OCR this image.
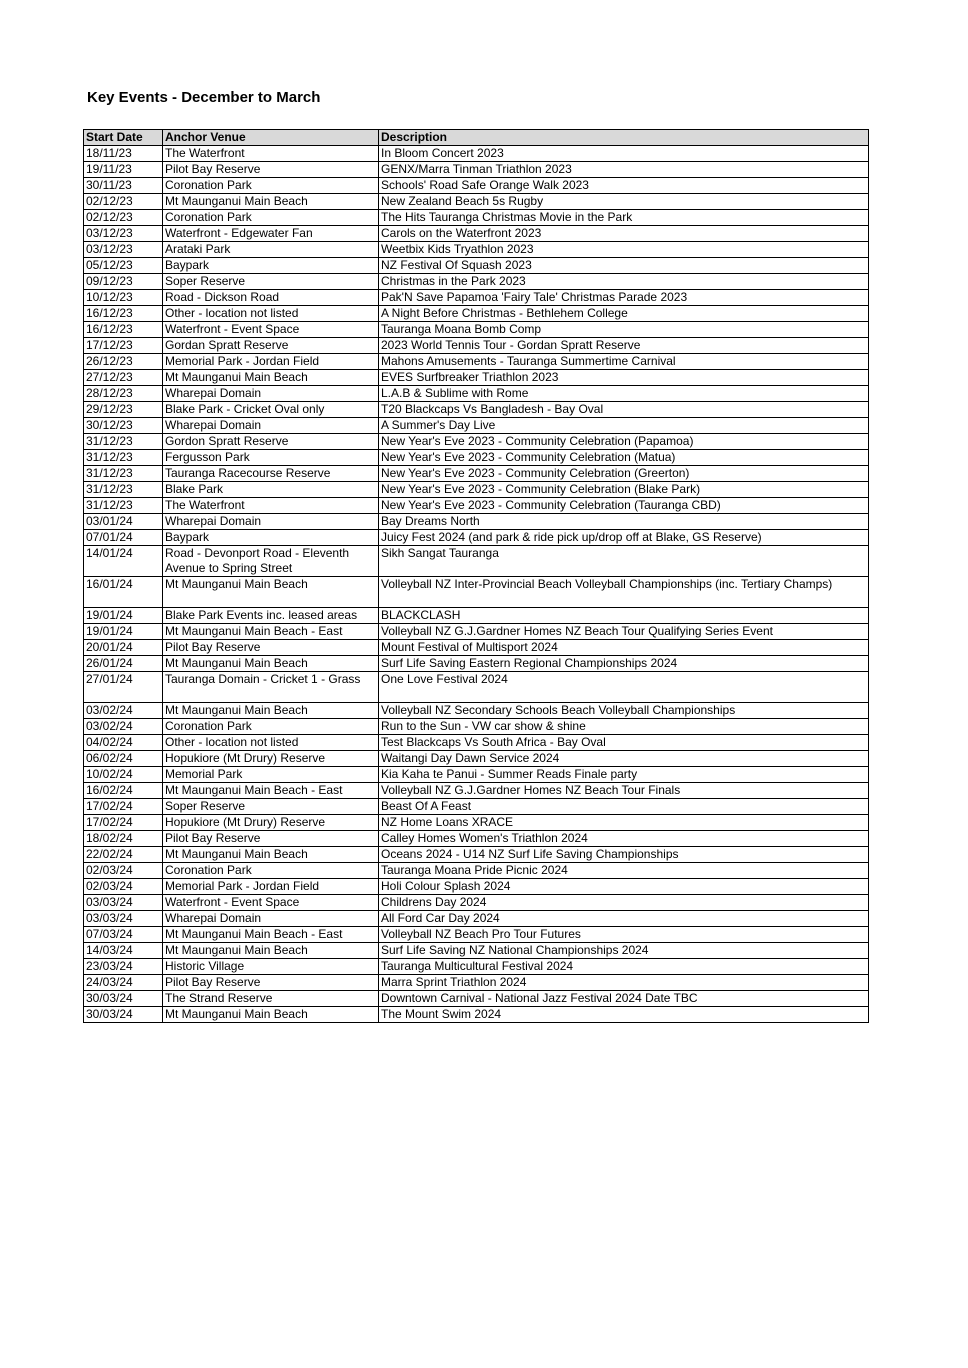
Key Events - December to March
Start Date	Anchor Venue	Description
18/11/23	The Waterfront	In Bloom Concert 2023
19/11/23	Pilot Bay Reserve	GENX/Marra Tinman Triathlon 2023
30/11/23	Coronation Park	Schools' Road Safe Orange Walk 2023
02/12/23	Mt Maunganui Main Beach	New Zealand Beach 5s Rugby
02/12/23	Coronation Park	The Hits Tauranga Christmas Movie in the Park
03/12/23	Waterfront - Edgewater Fan	Carols on the Waterfront 2023
03/12/23	Arataki Park	Weetbix Kids Tryathlon 2023
05/12/23	Baypark	NZ Festival Of Squash 2023
09/12/23	Soper Reserve	Christmas in the Park 2023
10/12/23	Road - Dickson Road	Pak'N Save Papamoa 'Fairy Tale' Christmas Parade 2023
16/12/23	Other - location not listed	A Night Before Christmas - Bethlehem College
16/12/23	Waterfront - Event Space	Tauranga Moana Bomb Comp
17/12/23	Gordan Spratt Reserve	2023 World Tennis Tour - Gordan Spratt Reserve
26/12/23	Memorial Park - Jordan Field	Mahons Amusements - Tauranga Summertime Carnival
27/12/23	Mt Maunganui Main Beach	EVES Surfbreaker Triathlon 2023
28/12/23	Wharepai Domain	L.A.B & Sublime with Rome
29/12/23	Blake Park - Cricket Oval only	T20 Blackcaps Vs Bangladesh - Bay Oval
30/12/23	Wharepai Domain	A Summer's Day Live
31/12/23	Gordon Spratt Reserve	New Year's Eve 2023 - Community Celebration (Papamoa)
31/12/23	Fergusson Park	New Year's Eve 2023 - Community Celebration (Matua)
31/12/23	Tauranga Racecourse Reserve	New Year's Eve 2023 - Community Celebration (Greerton)
31/12/23	Blake Park	New Year's Eve 2023 - Community Celebration (Blake Park)
31/12/23	The Waterfront	New Year's Eve 2023 - Community Celebration (Tauranga CBD)
03/01/24	Wharepai Domain	Bay Dreams North
07/01/24	Baypark	Juicy Fest 2024 (and park & ride pick up/drop off at Blake, GS Reserve)
14/01/24	Road - Devonport Road - Eleventh Avenue to Spring Street	Sikh Sangat Tauranga
16/01/24	Mt Maunganui Main Beach	Volleyball NZ Inter-Provincial Beach Volleyball Championships (inc. Tertiary Champs)
19/01/24	Blake Park Events inc. leased areas	BLACKCLASH
19/01/24	Mt Maunganui Main Beach - East	Volleyball NZ G.J.Gardner Homes NZ Beach Tour Qualifying Series Event
20/01/24	Pilot Bay Reserve	Mount Festival of Multisport 2024
26/01/24	Mt Maunganui Main Beach	Surf Life Saving Eastern Regional Championships 2024
27/01/24	Tauranga Domain - Cricket 1 - Grass	One Love Festival 2024
03/02/24	Mt Maunganui Main Beach	Volleyball NZ Secondary Schools Beach Volleyball Championships
03/02/24	Coronation Park	Run to the Sun - VW car show & shine
04/02/24	Other - location not listed	Test Blackcaps Vs South Africa - Bay Oval
06/02/24	Hopukiore (Mt Drury) Reserve	Waitangi Day Dawn Service 2024
10/02/24	Memorial Park	Kia Kaha te Panui - Summer Reads Finale party
16/02/24	Mt Maunganui Main Beach - East	Volleyball NZ G.J.Gardner Homes NZ Beach Tour Finals
17/02/24	Soper Reserve	Beast Of A Feast
17/02/24	Hopukiore (Mt Drury) Reserve	NZ Home Loans XRACE
18/02/24	Pilot Bay Reserve	Calley Homes Women's Triathlon 2024
22/02/24	Mt Maunganui Main Beach	Oceans 2024 - U14 NZ Surf Life Saving Championships
02/03/24	Coronation Park	Tauranga Moana Pride Picnic 2024
02/03/24	Memorial Park - Jordan Field	Holi Colour Splash 2024
03/03/24	Waterfront - Event Space	Childrens Day 2024
03/03/24	Wharepai Domain	All Ford Car Day 2024
07/03/24	Mt Maunganui Main Beach - East	Volleyball NZ Beach Pro Tour Futures
14/03/24	Mt Maunganui Main Beach	Surf Life Saving NZ National Championships 2024
23/03/24	Historic Village	Tauranga Multicultural Festival 2024
24/03/24	Pilot Bay Reserve	Marra Sprint Triathlon 2024
30/03/24	The Strand Reserve	Downtown Carnival - National Jazz Festival 2024 Date TBC
30/03/24	Mt Maunganui Main Beach	The Mount Swim 2024
